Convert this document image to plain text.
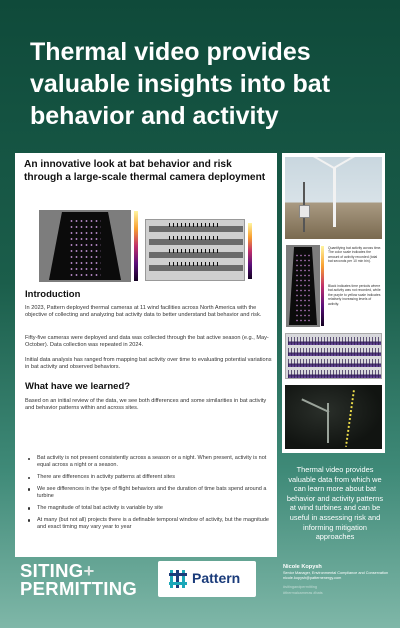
Thermal video provides valuable insights into bat behavior and activity
An innovative look at bat behavior and risk through a large-scale thermal camera deployment
Introduction
In 2023, Pattern deployed thermal cameras at 11 wind facilities across North America with the objective of collecting and analyzing bat activity data to better understand bat behavior and risk.
Fifty-five cameras were deployed and data was collected through the bat active season (e.g., May- October). Data collection was repeated in 2024.
Initial data analysis has ranged from mapping bat activity over time to evaluating potential variations in bat activity and observed behaviors.
What have we learned?
Based on an initial review of the data, we see both differences and some similarities in bat activity and behavior patterns within and across sites.
Bat activity is not present consistently across a season or a night. When present, activity is not equal across a night or a season.
There are differences in activity patterns at different sites
We see differences in the type of flight behaviors and the duration of time bats spend around a turbine
The magnitude of total bat activity is variable by site
At many (but not all) projects there is a definable temporal window of activity, but the magnitude and exact timing may vary year to year
Quantifying bat activity across time. The color scale indicates the amount of activity recorded (total bat seconds per 10 min bin).
Black indicates time periods where bat activity was not recorded, while the purple to yellow scale indicates relatively increasing levels of activity.
Thermal video provides valuable data from which we can learn more about bat behavior and activity patterns at wind turbines and can be useful in assessing risk and informing mitigation approaches
SITING+
PERMITTING	Pattern
Nicole Kopysh
Senior Manager, Environmental Compliance and Conservation
nicole.kopysh@patternenergy.com
#sitingandpermitting
#thermalcameras #bats
